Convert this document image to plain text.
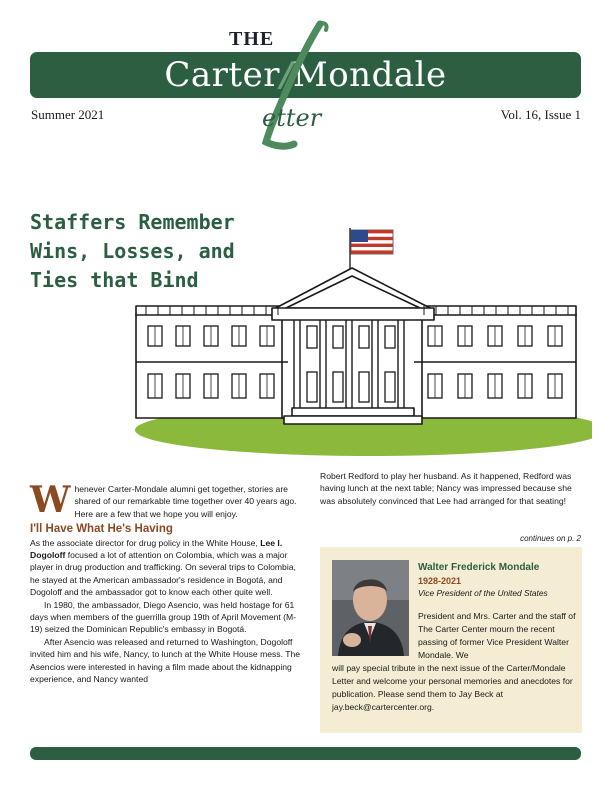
THE
Carter/Mondale
etter
Summer 2021	Vol. 16, Issue 1
Staffers Remember
Wins, Losses, and
Ties that Bind
W henever Carter-Mondale alumni get together, stories are shared of our remarkable time together over 40 years ago. Here are a few that we hope you will enjoy.
I'll Have What He's Having

As the associate director for drug policy in the White House, Lee I. Dogoloff focused a lot of attention on Colombia, which was a major player in drug production and trafficking. On several trips to Colombia, he stayed at the American ambassador's residence in Bogotá, and Dogoloff and the ambassador got to know each other quite well.

In 1980, the ambassador, Diego Asencio, was held hostage for 61 days when members of the guerrilla group 19th of April Movement (M-19) seized the Dominican Republic's embassy in Bogotá.

After Asencio was released and returned to Washington, Dogoloff invited him and his wife, Nancy, to lunch at the White House mess. The Asencios were interested in having a film made about the kidnapping experience, and Nancy wanted

Robert Redford to play her husband. As it happened, Redford was having lunch at the next table; Nancy was impressed because she was absolutely convinced that Lee had arranged for that seating!

continues on p. 2
Walter Frederick Mondale
1928-2021
Vice President of the United States
President and Mrs. Carter and the staff of The Carter Center mourn the recent passing of former Vice President Walter Mondale. We
will pay special tribute in the next issue of the Carter/Mondale Letter and welcome your personal memories and anecdotes for publication. Please send them to Jay Beck at jay.beck@cartercenter.org.
